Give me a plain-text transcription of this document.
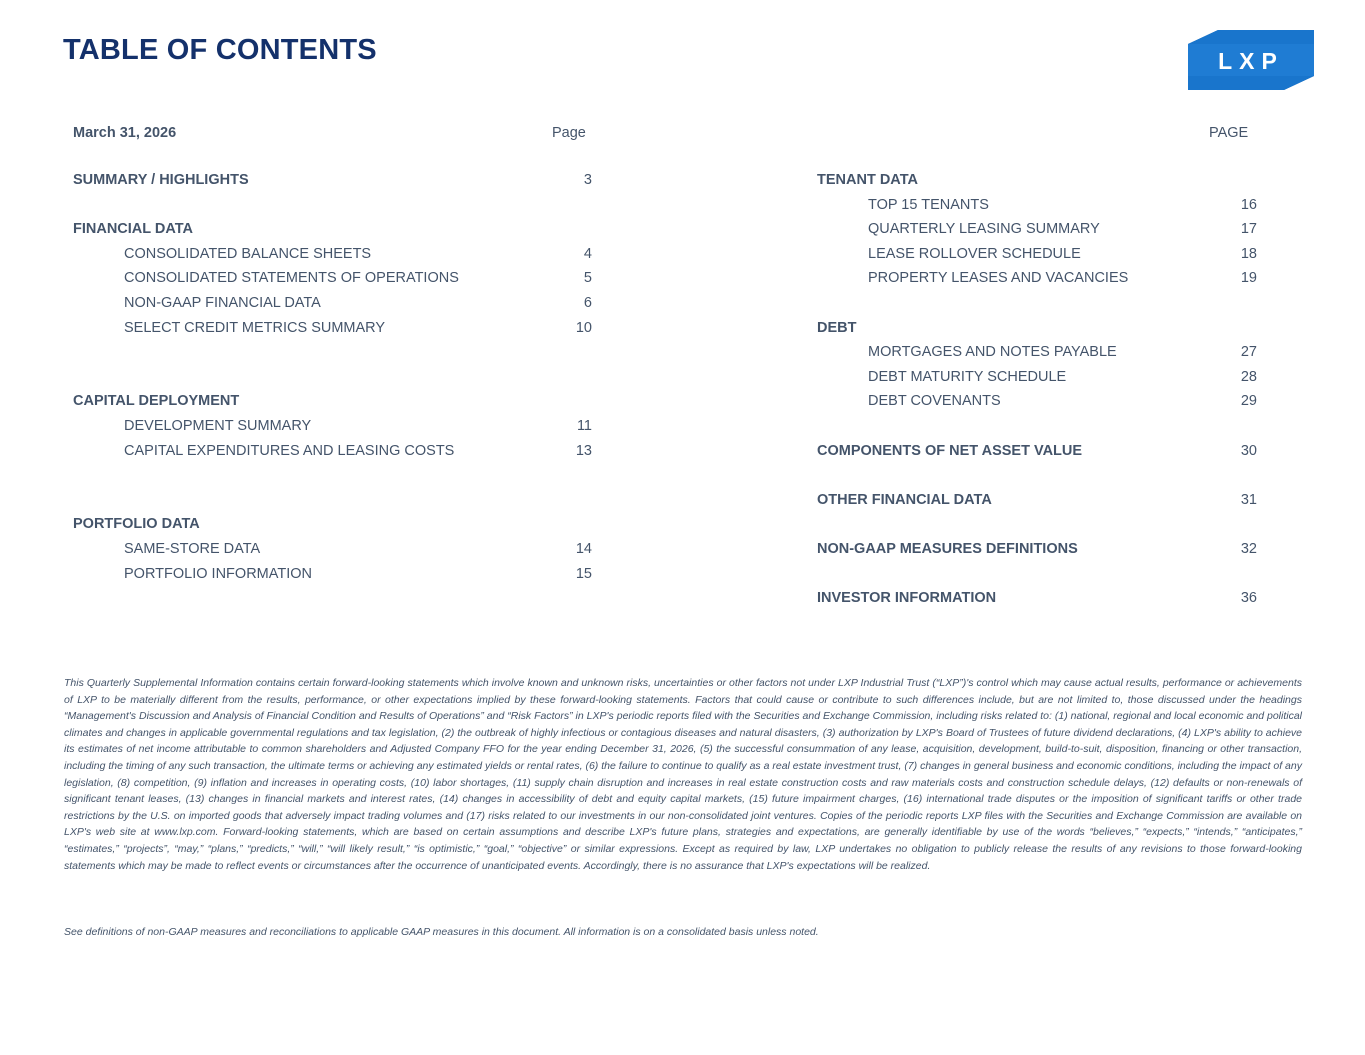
TABLE OF CONTENTS	LXP
March 31, 2026	Page	PAGE
SUMMARY / HIGHLIGHTS	3
FINANCIAL DATA
CONSOLIDATED BALANCE SHEETS	4
CONSOLIDATED STATEMENTS OF OPERATIONS	5
NON-GAAP FINANCIAL DATA	6
SELECT CREDIT METRICS SUMMARY	10
CAPITAL DEPLOYMENT
DEVELOPMENT SUMMARY	11
CAPITAL EXPENDITURES AND LEASING COSTS	13
PORTFOLIO DATA
SAME-STORE DATA	14
PORTFOLIO INFORMATION	15
TENANT DATA
TOP 15 TENANTS	16
QUARTERLY LEASING SUMMARY	17
LEASE ROLLOVER SCHEDULE	18
PROPERTY LEASES AND VACANCIES	19
DEBT
MORTGAGES AND NOTES PAYABLE	27
DEBT MATURITY SCHEDULE	28
DEBT COVENANTS	29
COMPONENTS OF NET ASSET VALUE	30
OTHER FINANCIAL DATA	31
NON-GAAP MEASURES DEFINITIONS	32
INVESTOR INFORMATION	36

This Quarterly Supplemental Information contains certain forward-looking statements which involve known and unknown risks, uncertainties or other factors not under LXP Industrial Trust (“LXP”)'s control which may cause actual results, performance or achievements of LXP to be materially different from the results, performance, or other expectations implied by these forward-looking statements. Factors that could cause or contribute to such differences include, but are not limited to, those discussed under the headings “Management's Discussion and Analysis of Financial Condition and Results of Operations” and “Risk Factors” in LXP's periodic reports filed with the Securities and Exchange Commission, including risks related to: (1) national, regional and local economic and political climates and changes in applicable governmental regulations and tax legislation, (2) the outbreak of highly infectious or contagious diseases and natural disasters, (3) authorization by LXP's Board of Trustees of future dividend declarations, (4) LXP's ability to achieve its estimates of net income attributable to common shareholders and Adjusted Company FFO for the year ending December 31, 2026, (5) the successful consummation of any lease, acquisition, development, build-to-suit, disposition, financing or other transaction, including the timing of any such transaction, the ultimate terms or achieving any estimated yields or rental rates, (6) the failure to continue to qualify as a real estate investment trust, (7) changes in general business and economic conditions, including the impact of any legislation, (8) competition, (9) inflation and increases in operating costs, (10) labor shortages, (11) supply chain disruption and increases in real estate construction costs and raw materials costs and construction schedule delays, (12) defaults or non-renewals of significant tenant leases, (13) changes in financial markets and interest rates, (14) changes in accessibility of debt and equity capital markets, (15) future impairment charges, (16) international trade disputes or the imposition of significant tariffs or other trade restrictions by the U.S. on imported goods that adversely impact trading volumes and (17) risks related to our investments in our non-consolidated joint ventures. Copies of the periodic reports LXP files with the Securities and Exchange Commission are available on LXP's web site at www.lxp.com. Forward-looking statements, which are based on certain assumptions and describe LXP's future plans, strategies and expectations, are generally identifiable by use of the words “believes,” “expects,” “intends,” “anticipates,” “estimates,” “projects”, “may,” “plans,” “predicts,” “will,” “will likely result,” “is optimistic,” “goal,” “objective” or similar expressions. Except as required by law, LXP undertakes no obligation to publicly release the results of any revisions to those forward-looking statements which may be made to reflect events or circumstances after the occurrence of unanticipated events. Accordingly, there is no assurance that LXP's expectations will be realized.

See definitions of non-GAAP measures and reconciliations to applicable GAAP measures in this document. All information is on a consolidated basis unless noted.
